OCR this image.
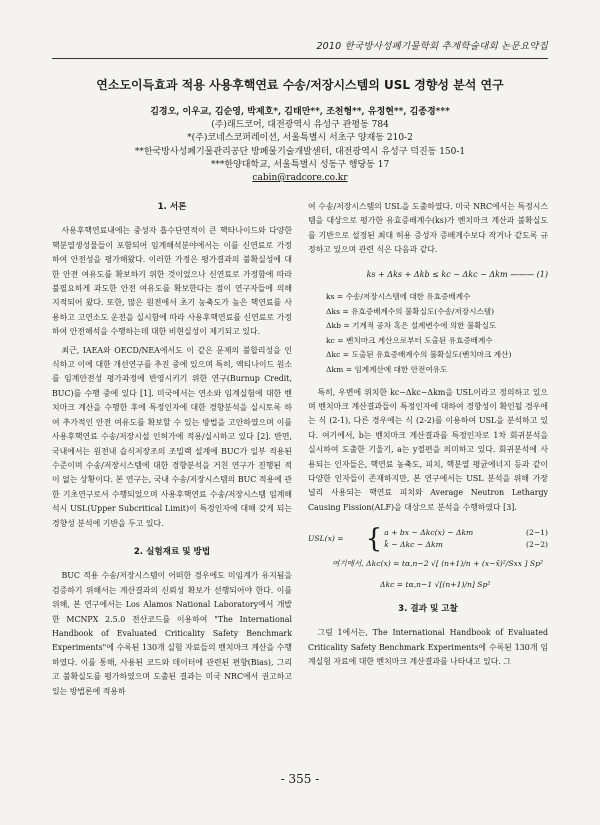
2010 한국방사성폐기물학회 추계학술대회 논문요약집
연소도이득효과 적용 사용후핵연료 수송/저장시스템의 USL 경향성 분석 연구
김경오, 이우교, 김순영, 박제호*, 김태만**, 조천형**, 유정현**, 김종경***
(주)래드코어, 대전광역시 유성구 관평동 784
*(주)코네스코퍼레이션, 서울특별시 서초구 양재동 210-2
**한국방사성폐기물관리공단 방폐물기술개발센터, 대전광역시 유성구 덕진동 150-1
***한양대학교, 서울특별시 성동구 행당동 17
cabin@radcore.co.kr
1. 서론

사용후핵연료내에는 중성자 흡수단면적이 큰 핵타나이드와 다양한 핵분열생성물들이 포함되어 임계해석분야에서는 이를 신연료로 가정하여 안전성을 평가해왔다. 이러한 가정은 평가결과의 불확실성에 대한 안전 여유도를 확보하기 위한 것이었으나 신연료로 가정함에 따라 불필요하게 과도한 안전 여유도를 확보한다는 점이 연구자들에 의해 지적되어 왔다. 또한, 많은 원전에서 초기 농축도가 높은 핵연료를 사용하고 고연소도 운전을 실시함에 따라 사용후핵연료를 신연료로 가정하여 안전해석을 수행하는데 대한 비현실성이 제기되고 있다.

최근, IAEA와 OECD/NEA에서도 이 같은 문제의 불합리성을 인식하고 이에 대한 개선연구를 추진 중에 있으며 특히, 액티나이드 원소를 임계안전성 평가과정에 반영시키기 위한 연구(Burnup Credit, BUC)를 수행 중에 있다 [1]. 미국에서는 연소와 임계실험에 대한 벤치마크 계산을 수행한 후에 특정인자에 대한 경향분석을 실시토록 하여 추가적인 안전 여유도를 확보할 수 있는 방법을 고안하였으며 이를 사용후핵연료 수송/저장시설 인허가에 적용/실시하고 있다 [2]. 반면, 국내에서는 원전내 습식저장조의 조밀랙 설계에 BUC가 일부 적용된 수준이며 수송/저장시스템에 대한 경향분석을 거친 연구가 진행된 적이 없는 상황이다. 본 연구는, 국내 수송/저장시스템의 BUC 적용에 관한 기초연구로서 수행되었으며 사용후핵연료 수송/저장시스템 임계해석시 USL(Upper Subcritical Limit)이 특정인자에 대해 갖게 되는 경향성 분석에 기반을 두고 있다.

2. 실험재료 및 방법

BUC 적용 수송/저장시스템이 어떠한 경우에도 미임계가 유지됨을 검증하기 위해서는 계산결과의 신뢰성 확보가 선행되어야 한다. 이를 위해, 본 연구에서는 Los Alamos National Laboratory에서 개발한 MCNPX 2.5.0 전산코드를 이용하여 "The International Handbook of Evaluated Criticality Safety Benchmark Experiments"에 수록된 130개 실험 자료들의 벤치마크 계산을 수행하였다. 이를 통해, 사용된 코드와 데이터에 관련된 편향(Bias), 그리고 불확실도를 평가하였으며 도출된 결과는 미국 NRC에서 권고하고 있는 방법론에 적용하

여 수송/저장시스템의 USL을 도출하였다. 미국 NRC에서는 특정시스템을 대상으로 평가한 유효증배계수(ks)가 벤치마크 계산과 불확실도를 기반으로 설정된 최대 허용 증성자 증배계수보다 작거나 같도록 규정하고 있으며 관련 식은 다음과 같다.

ks + Δks + Δkb ≤ kc − Δkc − Δkm ——— (1)
ks = 수송/저장시스템에 대한 유효증배계수
Δks = 유효증배계수의 불확실도(수송/저장시스템)
Δkb = 기계적 공차 혹은 설계변수에 의한 불확실도
kc = 벤치마크 계산으로부터 도출된 유효증배계수
Δkc = 도출된 유효증배계수의 불확실도(벤치마크 계산)
Δkm = 임계계산에 대한 안전여유도

특히, 우변에 위치한 kc−Δkc−Δkm을 USL이라고 정의하고 있으며 벤치마크 계산결과들이 특정인자에 대하여 경향성이 확인될 경우에는 식 (2-1), 다른 경우에는 식 (2-2)를 이용하여 USL을 분석하고 있다. 여기에서, b는 벤치마크 계산결과를 특정인자로 1차 회귀분석을 실시하여 도출한 기울기, a는 y절편을 의미하고 있다. 회귀분석에 사용되는 인자들은, 핵연료 농축도, 피치, 핵분열 평균에너지 등과 같이 다양한 인자들이 존재하지만, 본 연구에서는 USL 분석을 위해 가장 널리 사용되는 핵연료 피치와 Average Neutron Lethargy Causing Fission(ALF)을 대상으로 분석을 수행하였다 [3].

USL(x) = { a + bx − Δkc(x) − Δkm	(2−1)
k̄ − Δkc − Δkm	(2−2)
여기에서, Δkc(x) = tα,n−2 √[ (n+1)/n + (x−x̄)²/Sxx ] Sp²
Δkc = tα,n−1 √[(n+1)/n] Sp²
3. 결과 및 고찰

그림 1에서는, The International Handbook of Evaluated Criticality Safety Benchmark Experiments에 수록된 130개 임계실험 자료에 대한 벤치마크 계산결과를 나타내고 있다. 그

- 355 -
